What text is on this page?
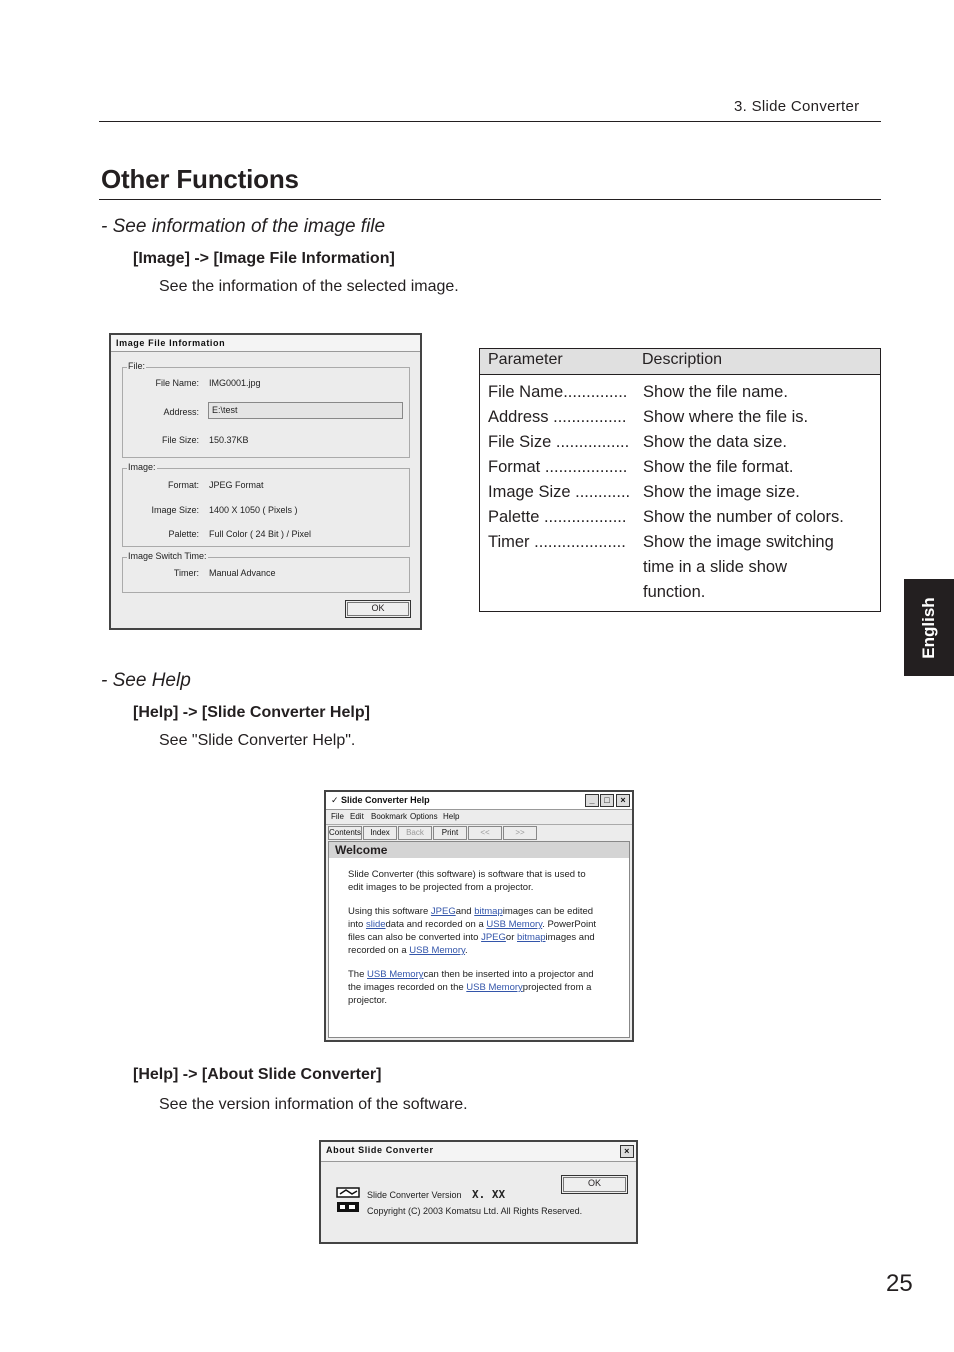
3. Slide Converter
Other Functions
- See information of the image file
[Image] -> [Image File Information]
See the information of the selected image.
Image File Information
File:
File Name: IMG0001.jpg
Address:	E:\test
File Size: 150.37KB
Image:
Format: JPEG Format
Image Size: 1400 X 1050 ( Pixels )
Palette: Full Color ( 24 Bit ) / Pixel
Image Switch Time:
Timer: Manual Advance
OK
Parameter	Description
File Name.............. Show the file name.
Address ................ Show where the file is.
File Size ................ Show the data size.
Format .................. Show the file format.
Image Size ............ Show the image size.
Palette .................. Show the number of colors.
Timer .................... Show the image switching
time in a slide show
function.
English
- See Help
[Help] -> [Slide Converter Help]
See "Slide Converter Help".
✓ Slide Converter Help	_	□	×
File Edit Bookmark Options Help
Contents	Index	Back	Print	<<	>>
Welcome
Slide Converter (this software) is software that is used to
edit images to be projected from a projector.
Using this software JPEGand bitmapimages can be edited
into slidedata and recorded on a USB Memory. PowerPoint
files can also be converted into JPEGor bitmapimages and
recorded on a USB Memory.
The USB Memorycan then be inserted into a projector and
the images recorded on the USB Memoryprojected from a
projector.
[Help] -> [About Slide Converter]
See the version information of the software.
About Slide Converter	×
Slide Converter Version X. XX
Copyright (C) 2003 Komatsu Ltd. All Rights Reserved.
OK
25
